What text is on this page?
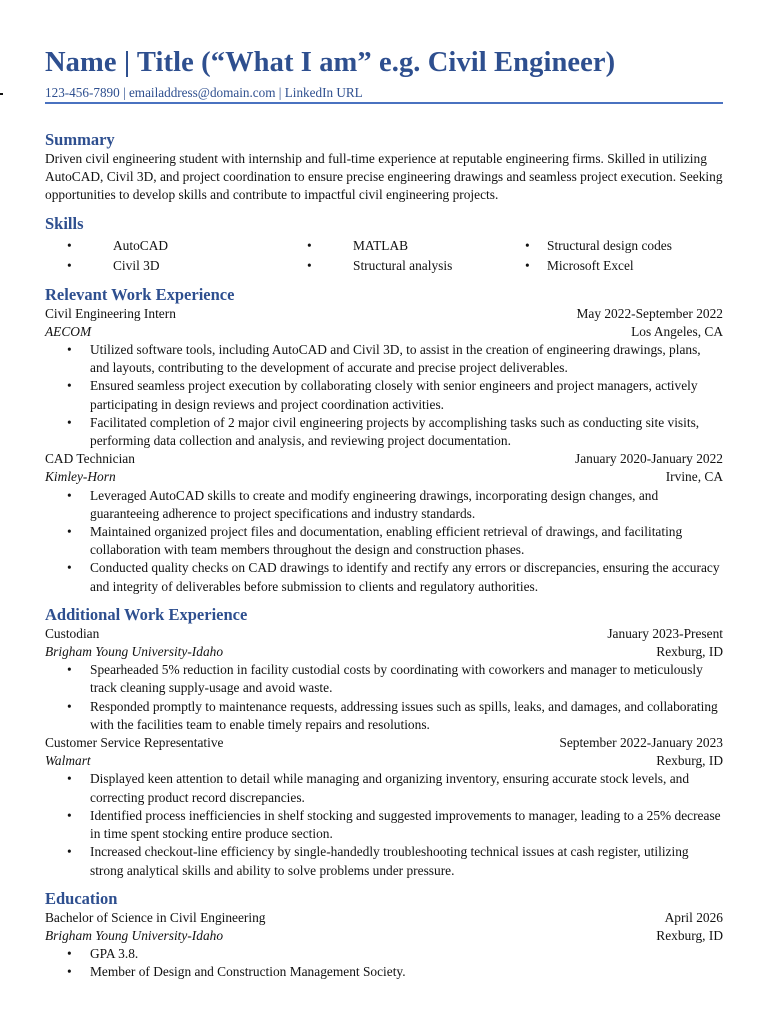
Name | Title (“What I am” e.g. Civil Engineer)
123-456-7890 | emailaddress@domain.com | LinkedIn URL
Summary

Driven civil engineering student with internship and full-time experience at reputable engineering firms. Skilled in utilizing AutoCAD, Civil 3D, and project coordination to ensure precise engineering drawings and seamless project execution. Seeking opportunities to develop skills and contribute to impactful civil engineering projects.

Skills
•	AutoCAD	•	MATLAB	•	Structural design codes
•	Civil 3D	•	Structural analysis	•	Microsoft Excel
Relevant Work Experience
Civil Engineering Intern	May 2022-September 2022
AECOM	Los Angeles, CA
• Utilized software tools, including AutoCAD and Civil 3D, to assist in the creation of engineering drawings, plans, and layouts, contributing to the development of accurate and precise project deliverables.
• Ensured seamless project execution by collaborating closely with senior engineers and project managers, actively participating in design reviews and project coordination activities.
• Facilitated completion of 2 major civil engineering projects by accomplishing tasks such as conducting site visits, performing data collection and analysis, and reviewing project documentation.
CAD Technician	January 2020-January 2022
Kimley-Horn	Irvine, CA
• Leveraged AutoCAD skills to create and modify engineering drawings, incorporating design changes, and guaranteeing adherence to project specifications and industry standards.
• Maintained organized project files and documentation, enabling efficient retrieval of drawings, and facilitating collaboration with team members throughout the design and construction phases.
• Conducted quality checks on CAD drawings to identify and rectify any errors or discrepancies, ensuring the accuracy and integrity of deliverables before submission to clients and regulatory authorities.
Additional Work Experience
Custodian	January 2023-Present
Brigham Young University-Idaho	Rexburg, ID
• Spearheaded 5% reduction in facility custodial costs by coordinating with coworkers and manager to meticulously track cleaning supply-usage and avoid waste.
• Responded promptly to maintenance requests, addressing issues such as spills, leaks, and damages, and collaborating with the facilities team to enable timely repairs and resolutions.
Customer Service Representative	September 2022-January 2023
Walmart	Rexburg, ID
• Displayed keen attention to detail while managing and organizing inventory, ensuring accurate stock levels, and correcting product record discrepancies.
• Identified process inefficiencies in shelf stocking and suggested improvements to manager, leading to a 25% decrease in time spent stocking entire produce section.
• Increased checkout-line efficiency by single-handedly troubleshooting technical issues at cash register, utilizing strong analytical skills and ability to solve problems under pressure.
Education
Bachelor of Science in Civil Engineering	April 2026
Brigham Young University-Idaho	Rexburg, ID
• GPA 3.8.
• Member of Design and Construction Management Society.
